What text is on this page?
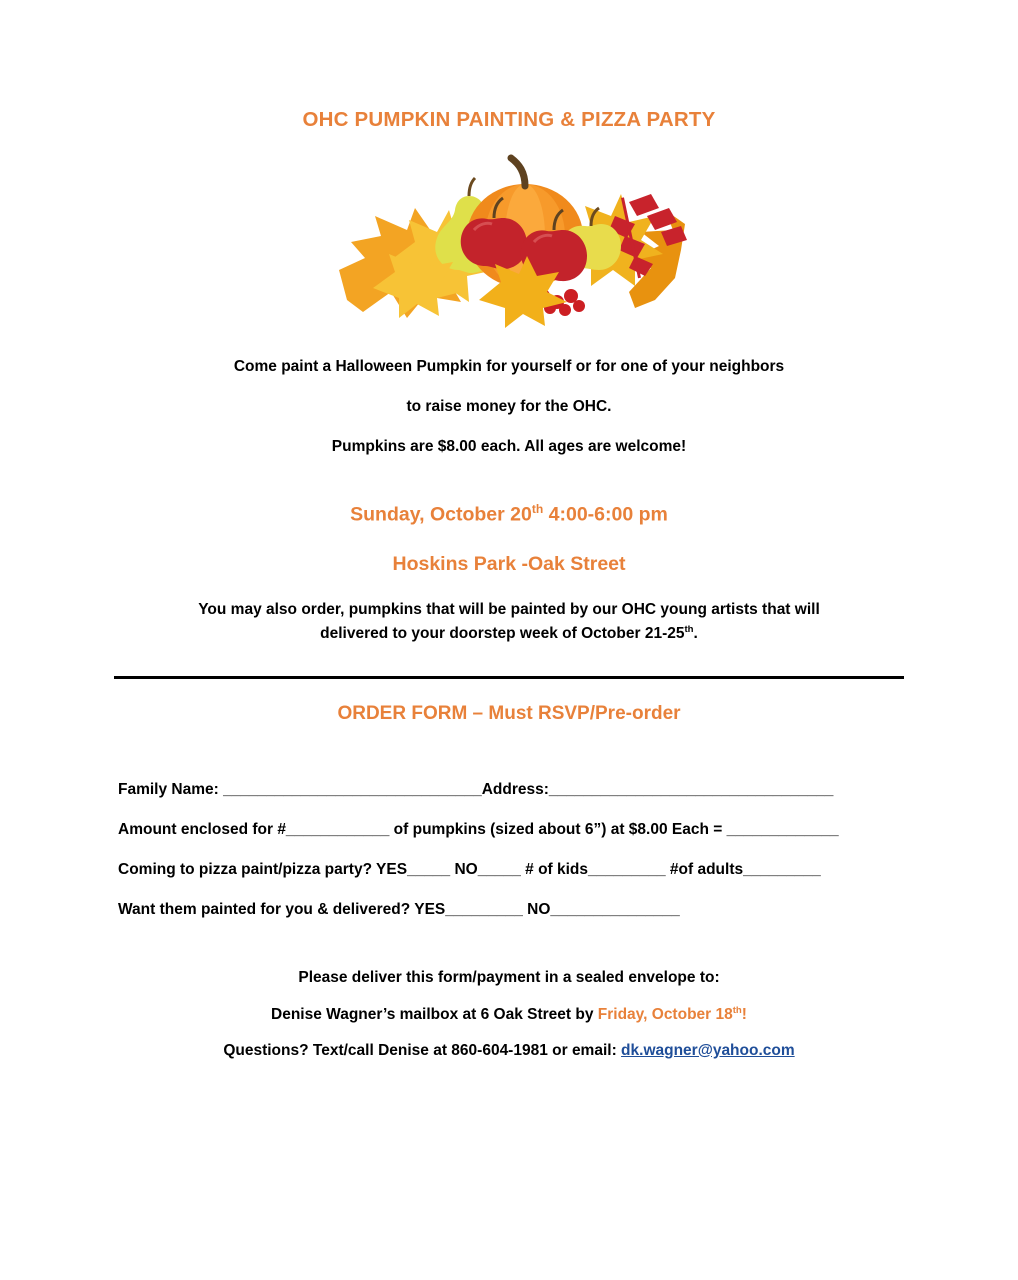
OHC PUMPKIN PAINTING & PIZZA PARTY

Come paint a Halloween Pumpkin for yourself or for one of your neighbors

to raise money for the OHC.

Pumpkins are $8.00 each. All ages are welcome!

Sunday, October 20th 4:00-6:00 pm

Hoskins Park -Oak Street

You may also order, pumpkins that will be painted by our OHC young artists that will
delivered to your doorstep week of October 21-25th.

ORDER FORM – Must RSVP/Pre-order

Family Name: ______________________________Address:_________________________________
Amount enclosed for #____________ of pumpkins (sized about 6”) at $8.00 Each = _____________
Coming to pizza paint/pizza party? YES_____ NO_____ # of kids_________ #of adults_________
Want them painted for you & delivered? YES_________ NO_______________

Please deliver this form/payment in a sealed envelope to:

Denise Wagner’s mailbox at 6 Oak Street by Friday, October 18th!

Questions? Text/call Denise at 860-604-1981 or email: dk.wagner@yahoo.com
